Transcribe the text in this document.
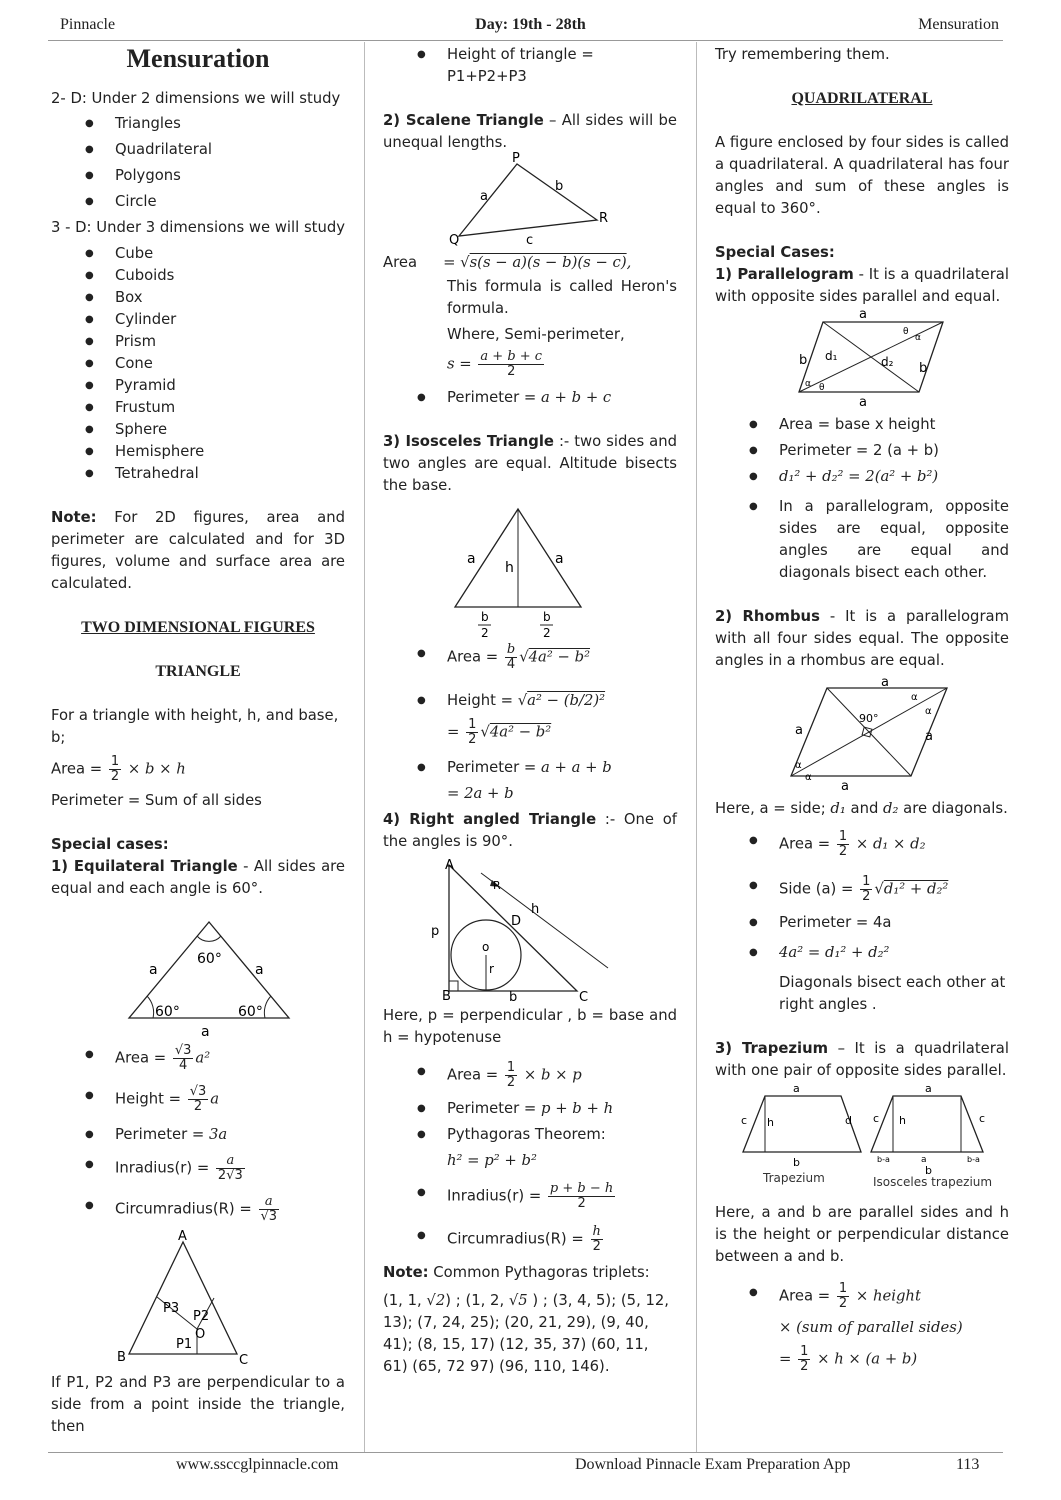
Pinnacle	Day: 19th - 28th	Mensuration
Mensuration

2- D: Under 2 dimensions we will study

● Triangles
● Quadrilateral
● Polygons
● Circle

3 - D: Under 3 dimensions we will study

● Cube
● Cuboids
● Box
● Cylinder
● Prism
● Cone
● Pyramid
● Frustum
● Sphere
● Hemisphere
● Tetrahedral

Note: For 2D figures, area and perimeter are calculated and for 3D figures, volume and surface area are calculated.

TWO DIMENSIONAL FIGURES
TRIANGLE

For a triangle with height, h, and base, b;

Area = $\frac{1}{2} \times b \times h$

Perimeter = Sum of all sides

Special cases:

1) Equilateral Triangle - All sides are equal and each angle is 60°.

60°
60°	60°
a	a
a
● Area = $\frac{√3}{4} a^2$
● Height = $\frac{√3}{2}$ a
● Perimeter = 3a
● Inradius(r) = $\frac{a}{2√3}$
● Circumradius(R) = $\frac{a}{√3}$
A
B	C
P3
P2
P1
O

If P1, P2 and P3 are perpendicular to a side from a point inside the triangle, then

● Height of triangle = P1+P2+P3

2) Scalene Triangle – All sides will be unequal lengths.

P
Q
R
a
b
c

Area = √s(s − a)(s − b)(s − c),

This formula is called Heron's formula.

Where, Semi-perimeter,

$s = \frac{a + b + c}{2}$

● Perimeter = a + b + c

3) Isosceles Triangle :- two sides and two angles are equal. Altitude bisects the base.

a
h
a
b
2
b
2
● Area = $\frac{b}{4} √4a^2 - b^2$
● Height = √a² − (b/2)²

= $\frac{1}{2} √4a^2 - b^2$

● Perimeter = a + a + b

= 2a + b

4) Right angled Triangle :- One of the angles is 90°.

A
B	C
p
b
h
R
D
o
r

Here, p = perpendicular , b = base and h = hypotenuse

● Area = $\frac{1}{2} \times b \times p$
● Perimeter = p + b + h
● Pythagoras Theorem:

h² = p² + b²

● Inradius(r) = $\frac{p + b - h}{2}$
● Circumradius(R) = $\frac{h}{2}$

Note: Common Pythagoras triplets:

(1, 1, √2) ; (1, 2, √5 ) ; (3, 4, 5); (5, 12, 13); (7, 24, 25); (20, 21, 29), (9, 40, 41); (8, 15, 17) (12, 35, 37) (60, 11, 61) (65, 72 97) (96, 110, 146).

Try remembering them.

QUADRILATERAL

A figure enclosed by four sides is called a quadrilateral. A quadrilateral has four angles and sum of these angles is equal to 360°.

Special Cases:

1) Parallelogram - It is a quadrilateral with opposite sides parallel and equal.

a
a
b
b
d₁	d₂
θ
α
α θ
● Area = base x height
● Perimeter = 2 (a + b)
● d₁² + d₂² = 2(a² + b²)
● In a parallelogram, opposite sides are equal, opposite angles are equal and diagonals bisect each other.

2) Rhombus - It is a parallelogram with all four sides equal. The opposite angles in a rhombus are equal.

a
a
a	a
90°
α
α
α
α

Here, a = side; d₁ and d₂ are diagonals.

● Area = $\frac{1}{2} \times d_1 \times d_2$
● Side $(a) = \frac{1}{2} √d_1^2 + d_2^2$
● Perimeter = 4a
● 4a² = d₁² + d₂²

Diagonals bisect each other at right angles .

3) Trapezium – It is a quadrilateral with one pair of opposite sides parallel.

a
b
c h	d
Trapezium
a
c	c
h
a
b-a	b-a
b
Isosceles trapezium

Here, a and b are parallel sides and h is the height or perpendicular distance between a and b.

● Area = $\frac{1}{2}$ × height

× (sum of parallel sides)

= $\frac{1}{2} \times h \times (a + b)$

www.ssccglpinnacle.com	Download Pinnacle Exam Preparation App	113
